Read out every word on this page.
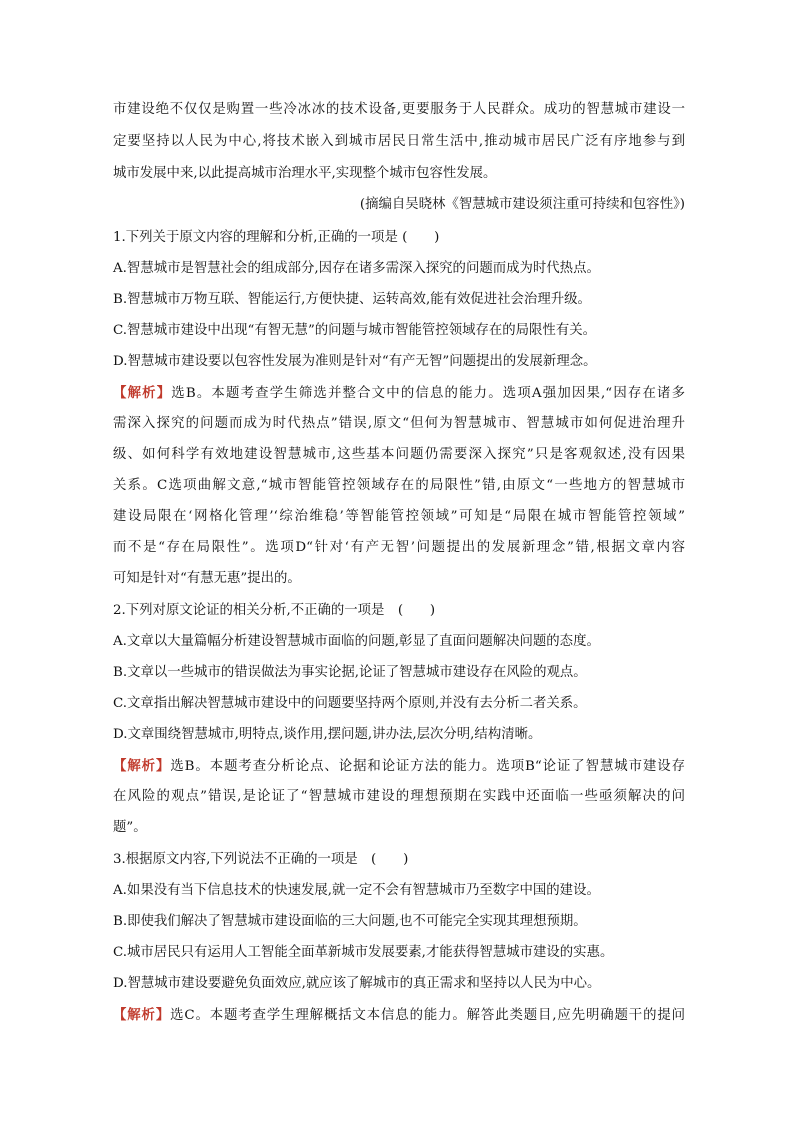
市建设绝不仅仅是购置一些冷冰冰的技术设备,更要服务于人民群众。成功的智慧城市建设一
定要坚持以人民为中心,将技术嵌入到城市居民日常生活中,推动城市居民广泛有序地参与到
城市发展中来,以此提高城市治理水平,实现整个城市包容性发展。
(摘编自吴晓林《智慧城市建设须注重可持续和包容性》)
1.下列关于原文内容的理解和分析,正确的一项是 (　　)
A.智慧城市是智慧社会的组成部分,因存在诸多需深入探究的问题而成为时代热点。
B.智慧城市万物互联、智能运行,方便快捷、运转高效,能有效促进社会治理升级。
C.智慧城市建设中出现“有智无慧”的问题与城市智能管控领域存在的局限性有关。
D.智慧城市建设要以包容性发展为准则是针对“有产无智”问题提出的发展新理念。
【解析】选B。本题考查学生筛选并整合文中的信息的能力。选项A强加因果,“因存在诸多
需深入探究的问题而成为时代热点”错误,原文“但何为智慧城市、智慧城市如何促进治理升
级、如何科学有效地建设智慧城市,这些基本问题仍需要深入探究”只是客观叙述,没有因果
关系。C选项曲解文意,“城市智能管控领域存在的局限性”错,由原文“一些地方的智慧城市
建设局限在‘网格化管理’‘综治维稳’等智能管控领域”可知是“局限在城市智能管控领域”
而不是“存在局限性”。选项D“针对‘有产无智’问题提出的发展新理念”错,根据文章内容
可知是针对“有慧无惠”提出的。
2.下列对原文论证的相关分析,不正确的一项是　(　　)
A.文章以大量篇幅分析建设智慧城市面临的问题,彰显了直面问题解决问题的态度。
B.文章以一些城市的错误做法为事实论据,论证了智慧城市建设存在风险的观点。
C.文章指出解决智慧城市建设中的问题要坚持两个原则,并没有去分析二者关系。
D.文章围绕智慧城市,明特点,谈作用,摆问题,讲办法,层次分明,结构清晰。
【解析】选B。本题考查分析论点、论据和论证方法的能力。选项B“论证了智慧城市建设存
在风险的观点”错误,是论证了“智慧城市建设的理想预期在实践中还面临一些亟须解决的问
题”。
3.根据原文内容,下列说法不正确的一项是　(　　)
A.如果没有当下信息技术的快速发展,就一定不会有智慧城市乃至数字中国的建设。
B.即使我们解决了智慧城市建设面临的三大问题,也不可能完全实现其理想预期。
C.城市居民只有运用人工智能全面革新城市发展要素,才能获得智慧城市建设的实惠。
D.智慧城市建设要避免负面效应,就应该了解城市的真正需求和坚持以人民为中心。
【解析】选C。本题考查学生理解概括文本信息的能力。解答此类题目,应先明确题干的提问
